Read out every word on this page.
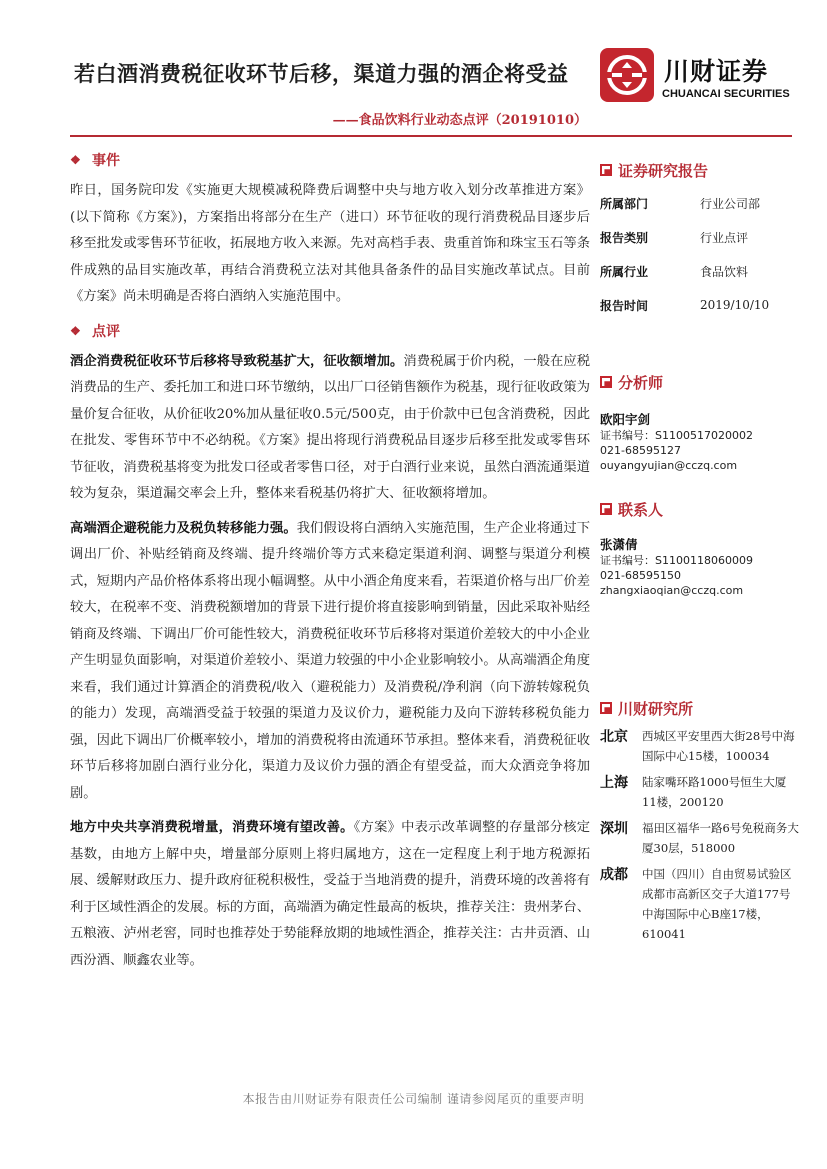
若白酒消费税征收环节后移，渠道力强的酒企将受益
——食品饮料行业动态点评（20191010）
川财证券
CHUANCAI SECURITIES
❖ 事件

昨日，国务院印发《实施更大规模减税降费后调整中央与地方收入划分改革推进方案》(以下简称《方案》)，方案指出将部分在生产（进口）环节征收的现行消费税品目逐步后移至批发或零售环节征收，拓展地方收入来源。先对高档手表、贵重首饰和珠宝玉石等条件成熟的品目实施改革，再结合消费税立法对其他具备条件的品目实施改革试点。目前《方案》尚未明确是否将白酒纳入实施范围中。

❖ 点评

酒企消费税征收环节后移将导致税基扩大，征收额增加。消费税属于价内税，一般在应税消费品的生产、委托加工和进口环节缴纳，以出厂口径销售额作为税基，现行征收政策为量价复合征收，从价征收20%加从量征收0.5元/500克，由于价款中已包含消费税，因此在批发、零售环节中不必纳税。《方案》提出将现行消费税品目逐步后移至批发或零售环节征收，消费税基将变为批发口径或者零售口径，对于白酒行业来说，虽然白酒流通渠道较为复杂，渠道漏交率会上升，整体来看税基仍将扩大、征收额将增加。

高端酒企避税能力及税负转移能力强。我们假设将白酒纳入实施范围，生产企业将通过下调出厂价、补贴经销商及终端、提升终端价等方式来稳定渠道利润、调整与渠道分利模式，短期内产品价格体系将出现小幅调整。从中小酒企角度来看，若渠道价格与出厂价差较大，在税率不变、消费税额增加的背景下进行提价将直接影响到销量，因此采取补贴经销商及终端、下调出厂价可能性较大，消费税征收环节后移将对渠道价差较大的中小企业产生明显负面影响，对渠道价差较小、渠道力较强的中小企业影响较小。从高端酒企角度来看，我们通过计算酒企的消费税/收入（避税能力）及消费税/净利润（向下游转嫁税负的能力）发现，高端酒受益于较强的渠道力及议价力，避税能力及向下游转移税负能力强，因此下调出厂价概率较小，增加的消费税将由流通环节承担。整体来看，消费税征收环节后移将加剧白酒行业分化，渠道力及议价力强的酒企有望受益，而大众酒竞争将加剧。

地方中央共享消费税增量，消费环境有望改善。《方案》中表示改革调整的存量部分核定基数，由地方上解中央，增量部分原则上将归属地方，这在一定程度上利于地方税源拓展、缓解财政压力、提升政府征税积极性，受益于当地消费的提升，消费环境的改善将有利于区域性酒企的发展。标的方面，高端酒为确定性最高的板块，推荐关注：贵州茅台、五粮液、泸州老窖，同时也推荐处于势能释放期的地域性酒企，推荐关注：古井贡酒、山西汾酒、顺鑫农业等。

证券研究报告
所属部门	行业公司部
报告类别	行业点评
所属行业	食品饮料
报告时间	2019/10/10
分析师
欧阳宇剑
证书编号：S1100517020002
021-68595127
ouyangyujian@cczq.com
联系人
张潇倩
证书编号：S1100118060009
021-68595150
zhangxiaoqian@cczq.com
川财研究所
北京	西城区平安里西大街28号中海国际中心15楼，100034
上海	陆家嘴环路1000号恒生大厦11楼，200120
深圳	福田区福华一路6号免税商务大厦30层，518000
成都	中国（四川）自由贸易试验区成都市高新区交子大道177号中海国际中心B座17楼，610041
本报告由川财证券有限责任公司编制 谨请参阅尾页的重要声明
